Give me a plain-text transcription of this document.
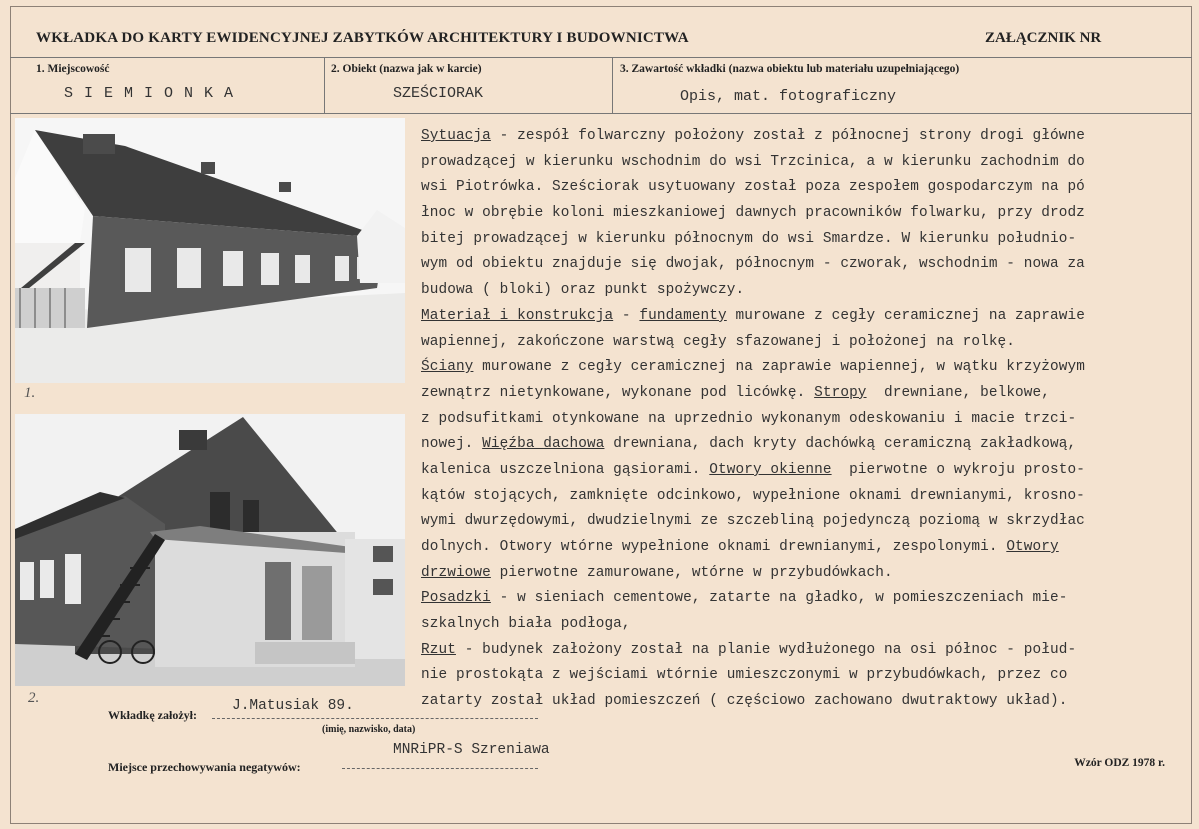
WKŁADKA DO KARTY EWIDENCYJNEJ ZABYTKÓW ARCHITEKTURY I BUDOWNICTWA	ZAŁĄCZNIK NR
1. Miejscowość
S I E M I O N K A
2. Obiekt (nazwa jak w karcie)
SZEŚCIORAK
3. Zawartość wkładki (nazwa obiektu lub materiału uzupełniającego)
Opis, mat. fotograficzny
1.
2.
Sytuacja - zespół folwarczny położony został z północnej strony drogi główne
prowadzącej w kierunku wschodnim do wsi Trzcinica, a w kierunku zachodnim do
wsi Piotrówka. Sześciorak usytuowany został poza zespołem gospodarczym na pó
łnoc w obrębie koloni mieszkaniowej dawnych pracowników folwarku, przy drodz
bitej prowadzącej w kierunku północnym do wsi Smardze. W kierunku południo-
wym od obiektu znajduje się dwojak, północnym - czworak, wschodnim - nowa za
budowa ( bloki) oraz punkt spożywczy.
Materiał i konstrukcja - fundamenty murowane z cegły ceramicznej na zaprawie
wapiennej, zakończone warstwą cegły sfazowanej i położonej na rolkę.
Ściany murowane z cegły ceramicznej na zaprawie wapiennej, w wątku krzyżowym
zewnątrz nietynkowane, wykonane pod licówkę. Stropy  drewniane, belkowe,
z podsufitkami otynkowane na uprzednio wykonanym odeskowaniu i macie trzci-
nowej. Więźba dachowa drewniana, dach kryty dachówką ceramiczną zakładkową,
kalenica uszczelniona gąsiorami. Otwory okienne  pierwotne o wykroju prosto-
kątów stojących, zamknięte odcinkowo, wypełnione oknami drewnianymi, krosno-
wymi dwurzędowymi, dwudzielnymi ze szczebliną pojedynczą poziomą w skrzydłac
dolnych. Otwory wtórne wypełnione oknami drewnianymi, zespolonymi. Otwory
drzwiowe pierwotne zamurowane, wtórne w przybudówkach.
Posadzki - w sieniach cementowe, zatarte na gładko, w pomieszczeniach mie-
szkalnych biała podłoga,
Rzut - budynek założony został na planie wydłużonego na osi północ - połud-
nie prostokąta z wejściami wtórnie umieszczonymi w przybudówkach, przez co
zatarty został układ pomieszczeń ( częściowo zachowano dwutraktowy układ).
Wkładkę założył:
J.Matusiak 89.
(imię, nazwisko, data)
Miejsce przechowywania negatywów:
MNRiPR-S Szreniawa
Wzór ODZ 1978 r.
